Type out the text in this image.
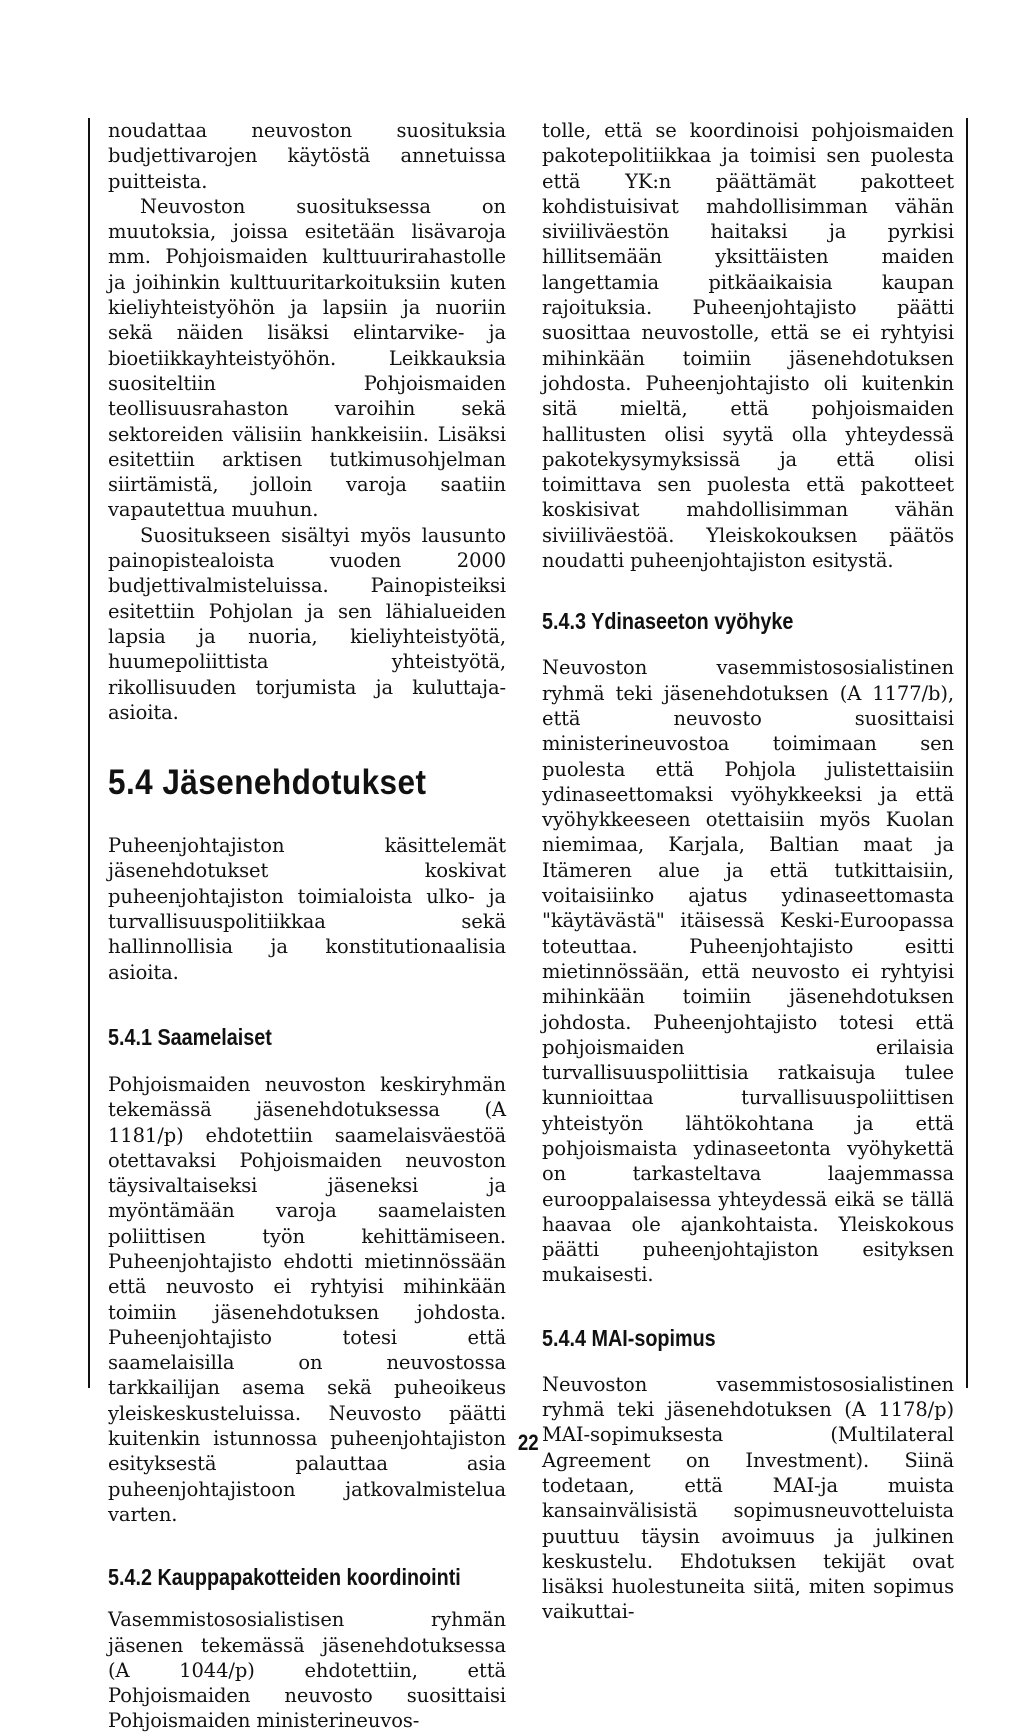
noudattaa neuvoston suosituksia budjettivarojen käytöstä annetuissa puitteista.

Neuvoston suosituksessa on muutoksia, joissa esitetään lisävaroja mm. Pohjoismaiden kulttuurirahastolle ja joihinkin kulttuuritarkoituksiin kuten kieliyhteistyöhön ja lapsiin ja nuoriin sekä näiden lisäksi elintarvike- ja bioetiikkayhteistyöhön. Leikkauksia suositeltiin Pohjoismaiden teollisuusrahaston varoihin sekä sektoreiden välisiin hankkeisiin. Lisäksi esitettiin arktisen tutkimusohjelman siirtämistä, jolloin varoja saatiin vapautettua muuhun.

Suositukseen sisältyi myös lausunto painopistealoista vuoden 2000 budjettivalmisteluissa. Painopisteiksi esitettiin Pohjolan ja sen lähialueiden lapsia ja nuoria, kieliyhteistyötä, huumepoliittista yhteistyötä, rikollisuuden torjumista ja kuluttaja-asioita.

5.4 Jäsenehdotukset

Puheenjohtajiston käsittelemät jäsenehdotukset koskivat puheenjohtajiston toimialoista ulko- ja turvallisuuspolitiikkaa sekä hallinnollisia ja konstitutionaalisia asioita.

5.4.1 Saamelaiset

Pohjoismaiden neuvoston keskiryhmän tekemässä jäsenehdotuksessa (A 1181/p) ehdotettiin saamelaisväestöä otettavaksi Pohjoismaiden neuvoston täysivaltaiseksi jäseneksi ja myöntämään varoja saamelaisten poliittisen työn kehittämiseen. Puheenjohtajisto ehdotti mietinnössään että neuvosto ei ryhtyisi mihinkään toimiin jäsenehdotuksen johdosta. Puheenjohtajisto totesi että saamelaisilla on neuvostossa tarkkailijan asema sekä puheoikeus yleiskeskusteluissa. Neuvosto päätti kuitenkin istunnossa puheenjohtajiston esityksestä palauttaa asia puheenjohtajistoon jatkovalmistelua varten.

5.4.2 Kauppapakotteiden koordinointi

Vasemmistososialistisen ryhmän jäsenen tekemässä jäsenehdotuksessa (A 1044/p) ehdotettiin, että Pohjoismaiden neuvosto suosittaisi Pohjoismaiden ministerineuvos-

tolle, että se koordinoisi pohjoismaiden pakotepolitiikkaa ja toimisi sen puolesta että YK:n päättämät pakotteet kohdistuisivat mahdollisimman vähän siviiliväestön haitaksi ja pyrkisi hillitsemään yksittäisten maiden langettamia pitkäaikaisia kaupan rajoituksia. Puheenjohtajisto päätti suosittaa neuvostolle, että se ei ryhtyisi mihinkään toimiin jäsenehdotuksen johdosta. Puheenjohtajisto oli kuitenkin sitä mieltä, että pohjoismaiden hallitusten olisi syytä olla yhteydessä pakotekysymyksissä ja että olisi toimittava sen puolesta että pakotteet koskisivat mahdollisimman vähän siviiliväestöä. Yleiskokouksen päätös noudatti puheenjohtajiston esitystä.

5.4.3 Ydinaseeton vyöhyke

Neuvoston vasemmistososialistinen ryhmä teki jäsenehdotuksen (A 1177/b), että neuvosto suosittaisi ministerineuvostoa toimimaan sen puolesta että Pohjola julistettaisiin ydinaseettomaksi vyöhykkeeksi ja että vyöhykkeeseen otettaisiin myös Kuolan niemimaa, Karjala, Baltian maat ja Itämeren alue ja että tutkittaisiin, voitaisiinko ajatus ydinaseettomasta "käytävästä" itäisessä Keski-Euroopassa toteuttaa. Puheenjohtajisto esitti mietinnössään, että neuvosto ei ryhtyisi mihinkään toimiin jäsenehdotuksen johdosta. Puheenjohtajisto totesi että pohjoismaiden erilaisia turvallisuuspoliittisia ratkaisuja tulee kunnioittaa turvallisuuspoliittisen yhteistyön lähtökohtana ja että pohjoismaista ydinaseetonta vyöhykettä on tarkasteltava laajemmassa eurooppalaisessa yhteydessä eikä se tällä haavaa ole ajankohtaista. Yleiskokous päätti puheenjohtajiston esityksen mukaisesti.

5.4.4 MAI-sopimus

Neuvoston vasemmistososialistinen ryhmä teki jäsenehdotuksen (A 1178/p) MAI-sopimuksesta (Multilateral Agreement on Investment). Siinä todetaan, että MAI-ja muista kansainvälisistä sopimusneuvotteluista puuttuu täysin avoimuus ja julkinen keskustelu. Ehdotuksen tekijät ovat lisäksi huolestuneita siitä, miten sopimus vaikuttai-

22
